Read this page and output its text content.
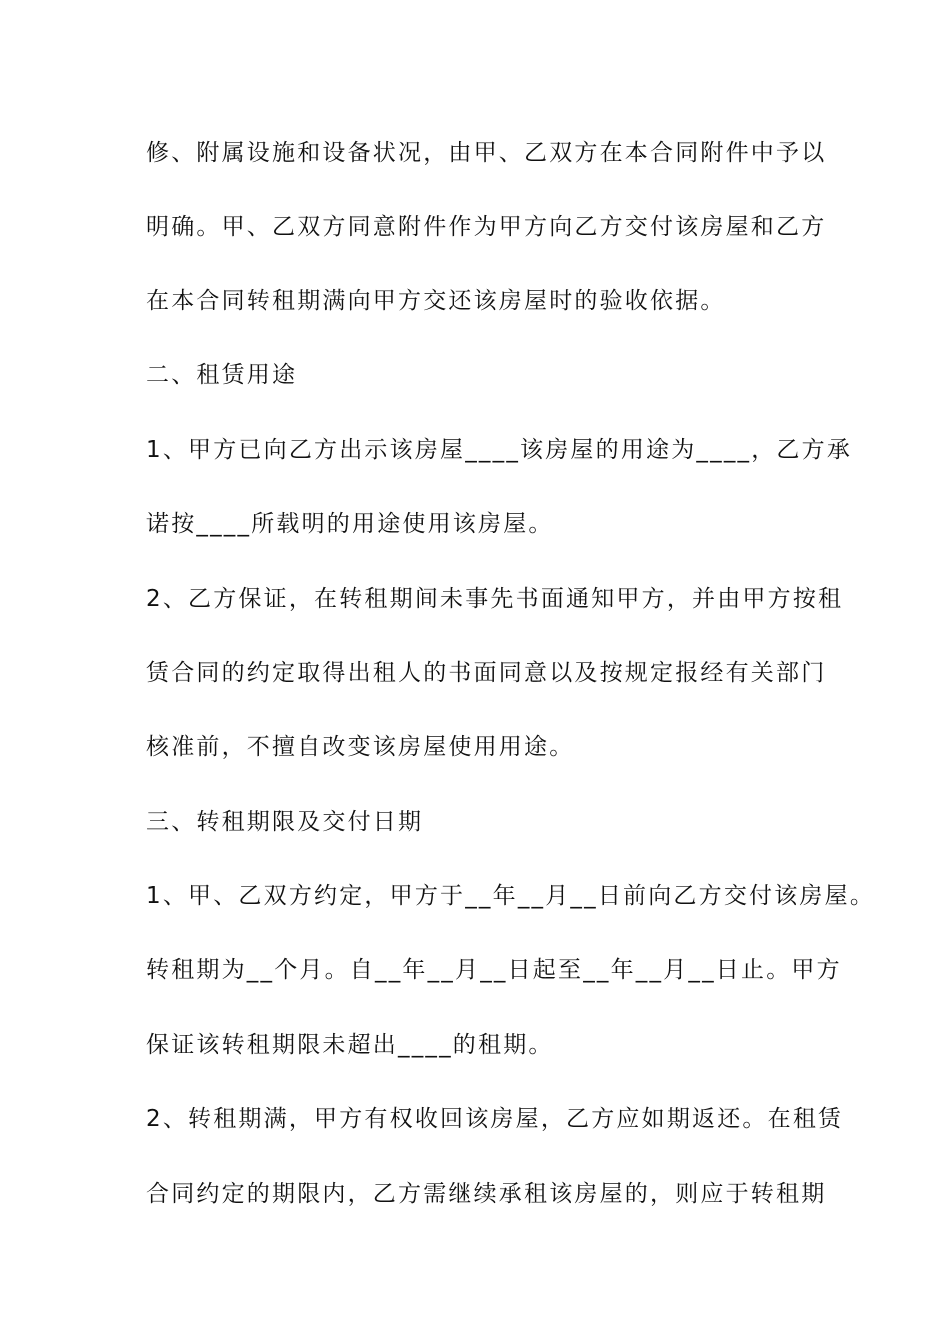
修、附属设施和设备状况，由甲、乙双方在本合同附件中予以
明确。甲、乙双方同意附件作为甲方向乙方交付该房屋和乙方
在本合同转租期满向甲方交还该房屋时的验收依据。
二、租赁用途
1、甲方已向乙方出示该房屋____该房屋的用途为____，乙方承
诺按____所载明的用途使用该房屋。
2、乙方保证，在转租期间未事先书面通知甲方，并由甲方按租
赁合同的约定取得出租人的书面同意以及按规定报经有关部门
核准前，不擅自改变该房屋使用用途。
三、转租期限及交付日期
1、甲、乙双方约定，甲方于__年__月__日前向乙方交付该房屋。
转租期为__个月。自__年__月__日起至__年__月__日止。甲方
保证该转租期限未超出____的租期。
2、转租期满，甲方有权收回该房屋，乙方应如期返还。在租赁
合同约定的期限内，乙方需继续承租该房屋的，则应于转租期
